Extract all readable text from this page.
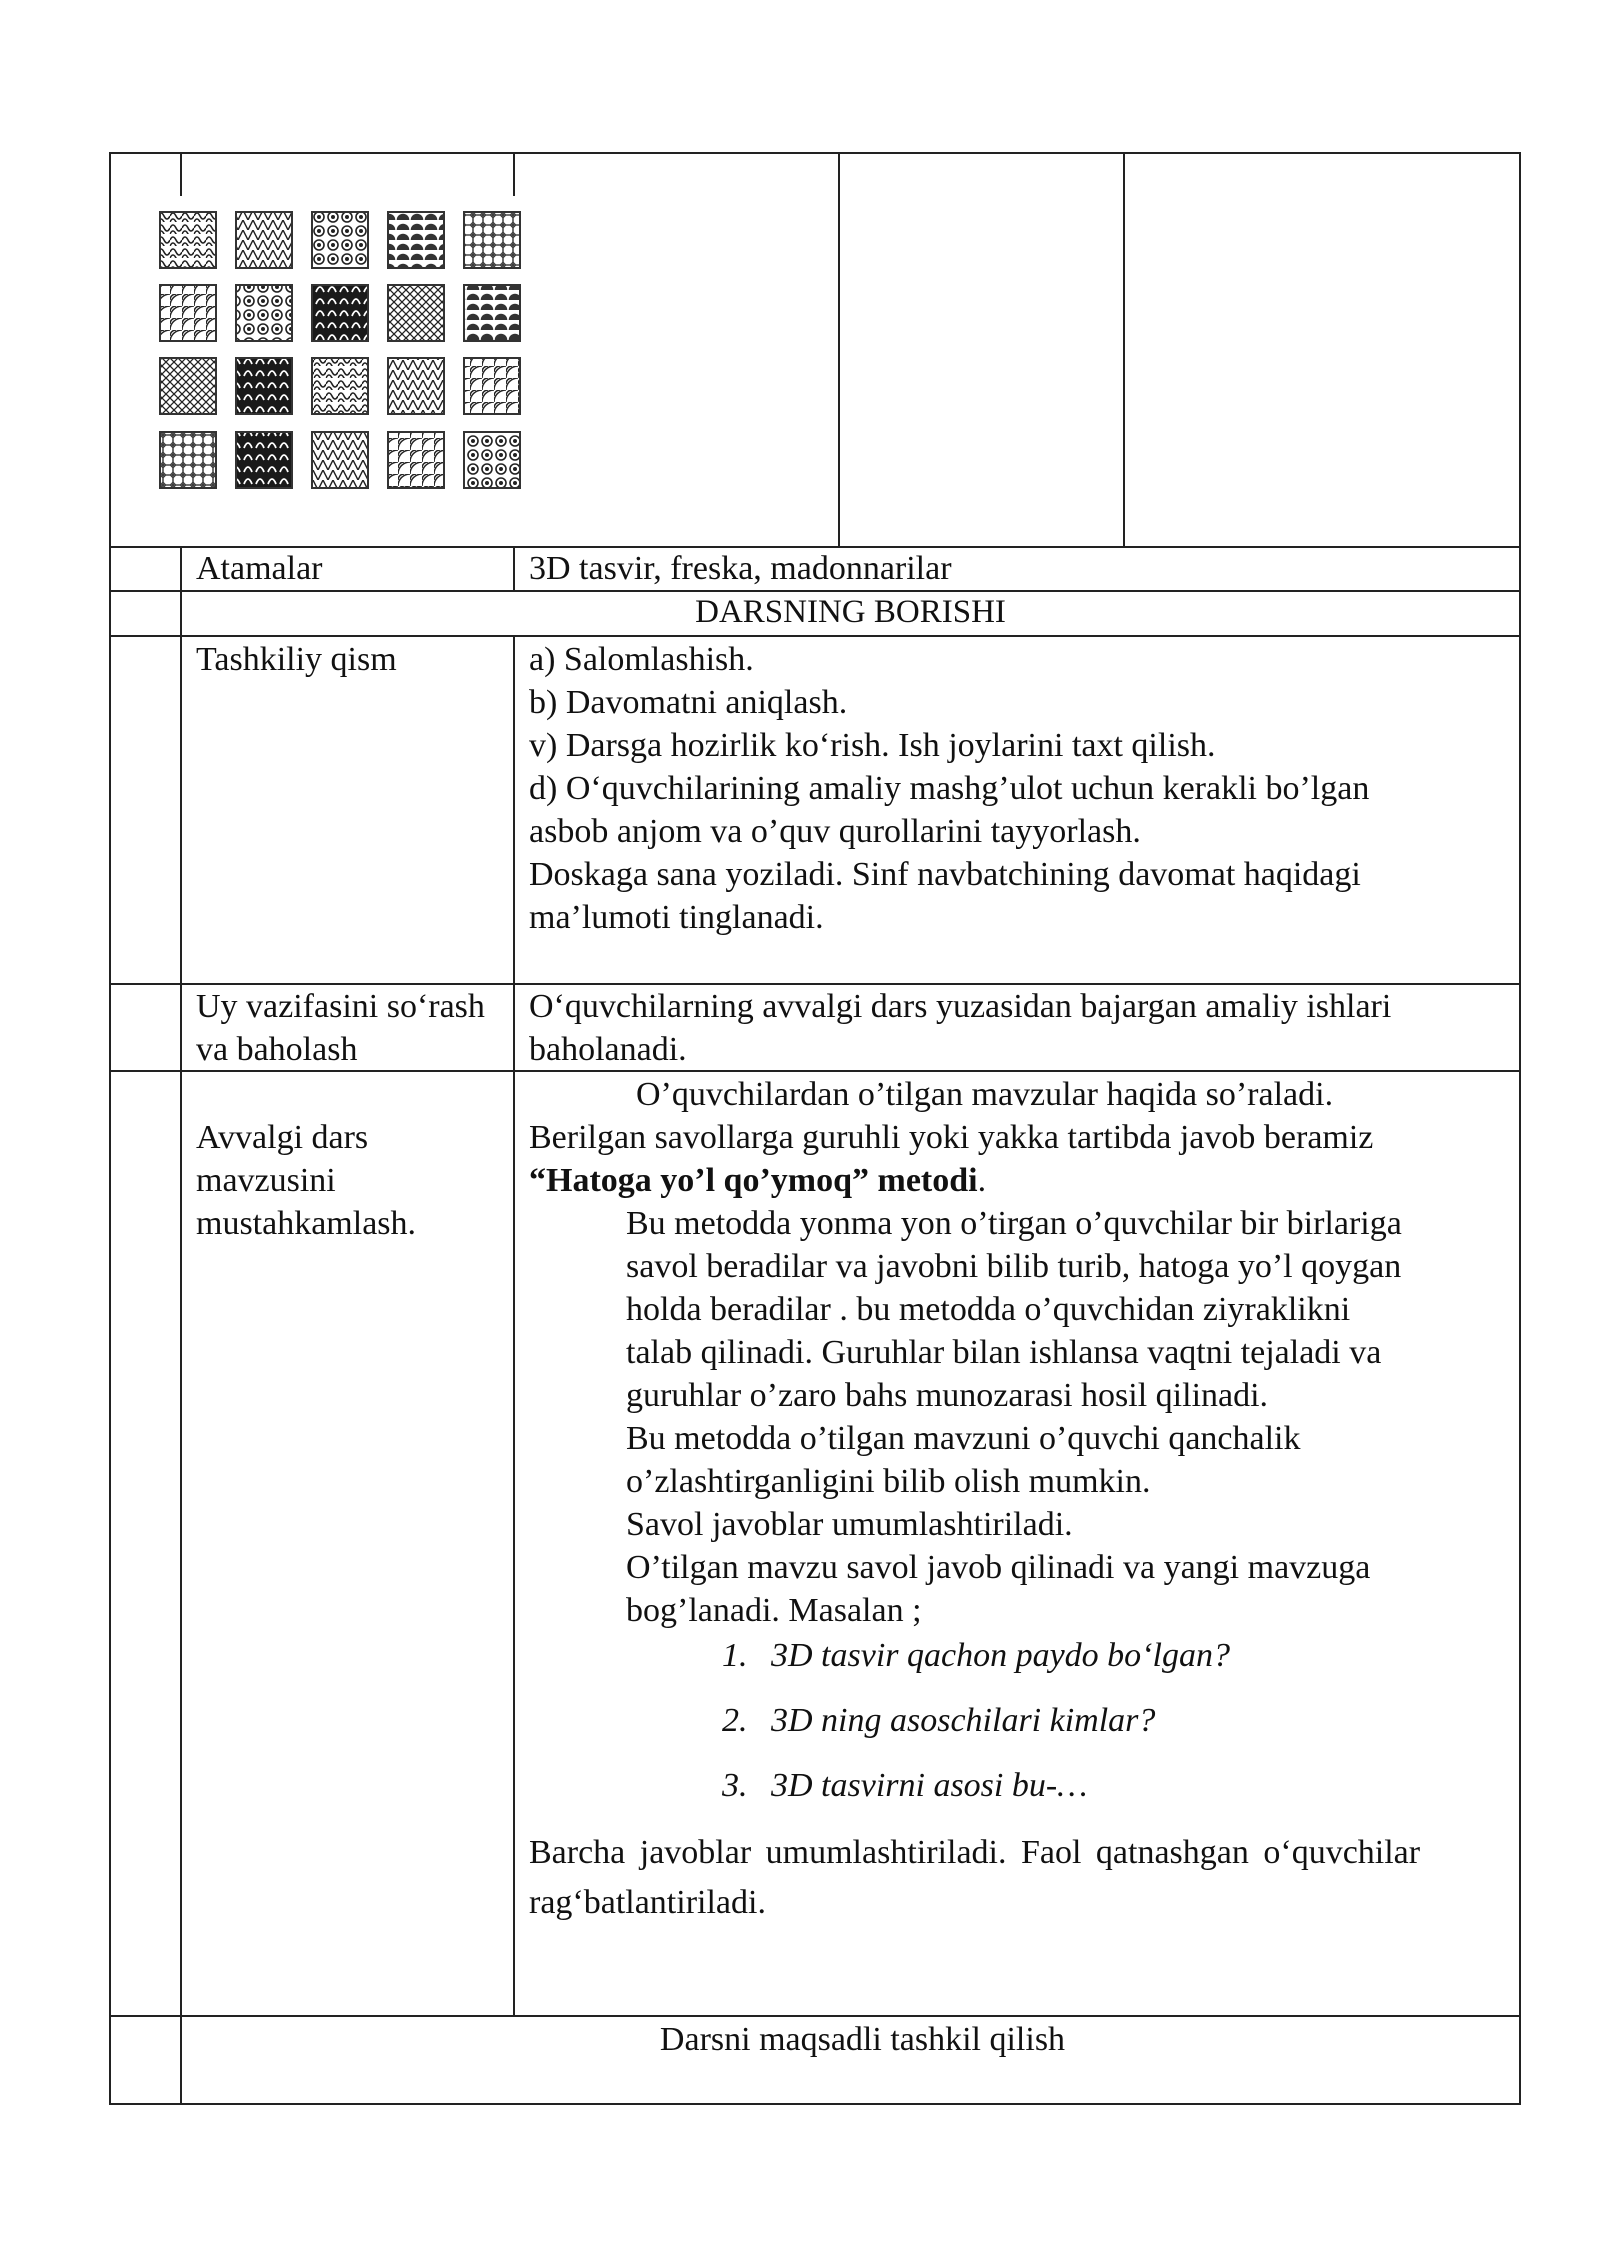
Atamalar	3D tasvir, freska, madonnarilar
DARSNING BORISHI
Tashkiliy qism	a) Salomlashish.
b) Davomatni aniqlash.
v) Darsga hozirlik ko‘rish. Ish joylarini taxt qilish.
d) O‘quvchilarining amaliy mashg’ulot uchun kerakli bo’lgan
asbob anjom va o’quv qurollarini tayyorlash.
Doskaga sana yoziladi. Sinf navbatchining davomat haqidagi
ma’lumoti tinglanadi.
Uy vazifasini so‘rash
va baholash
O‘quvchilarning avvalgi dars yuzasidan bajargan amaliy ishlari
baholanadi.
Avvalgi dars
mavzusini
mustahkamlash.
O’quvchilardan o’tilgan mavzular haqida so’raladi.
Berilgan savollarga guruhli yoki yakka tartibda javob beramiz
“Hatoga yo’l qo’ymoq” metodi.
Bu metodda yonma yon o’tirgan o’quvchilar bir birlariga
savol beradilar va javobni bilib turib, hatoga yo’l qoygan
holda beradilar . bu metodda o’quvchidan ziyraklikni
talab qilinadi. Guruhlar bilan ishlansa vaqtni tejaladi va
guruhlar o’zaro bahs munozarasi hosil qilinadi.
Bu metodda o’tilgan mavzuni o’quvchi qanchalik
o’zlashtirganligini bilib olish mumkin.
Savol javoblar umumlashtiriladi.
O’tilgan mavzu savol javob qilinadi va yangi mavzuga
bog’lanadi. Masalan ;
1. 3D tasvir qachon paydo bo‘lgan?
2. 3D ning asoschilari kimlar?
3. 3D tasvirni asosi bu-…
Barcha javoblar umumlashtiriladi. Faol qatnashgan o‘quvchilar
rag‘batlantiriladi.
Darsni maqsadli tashkil qilish
